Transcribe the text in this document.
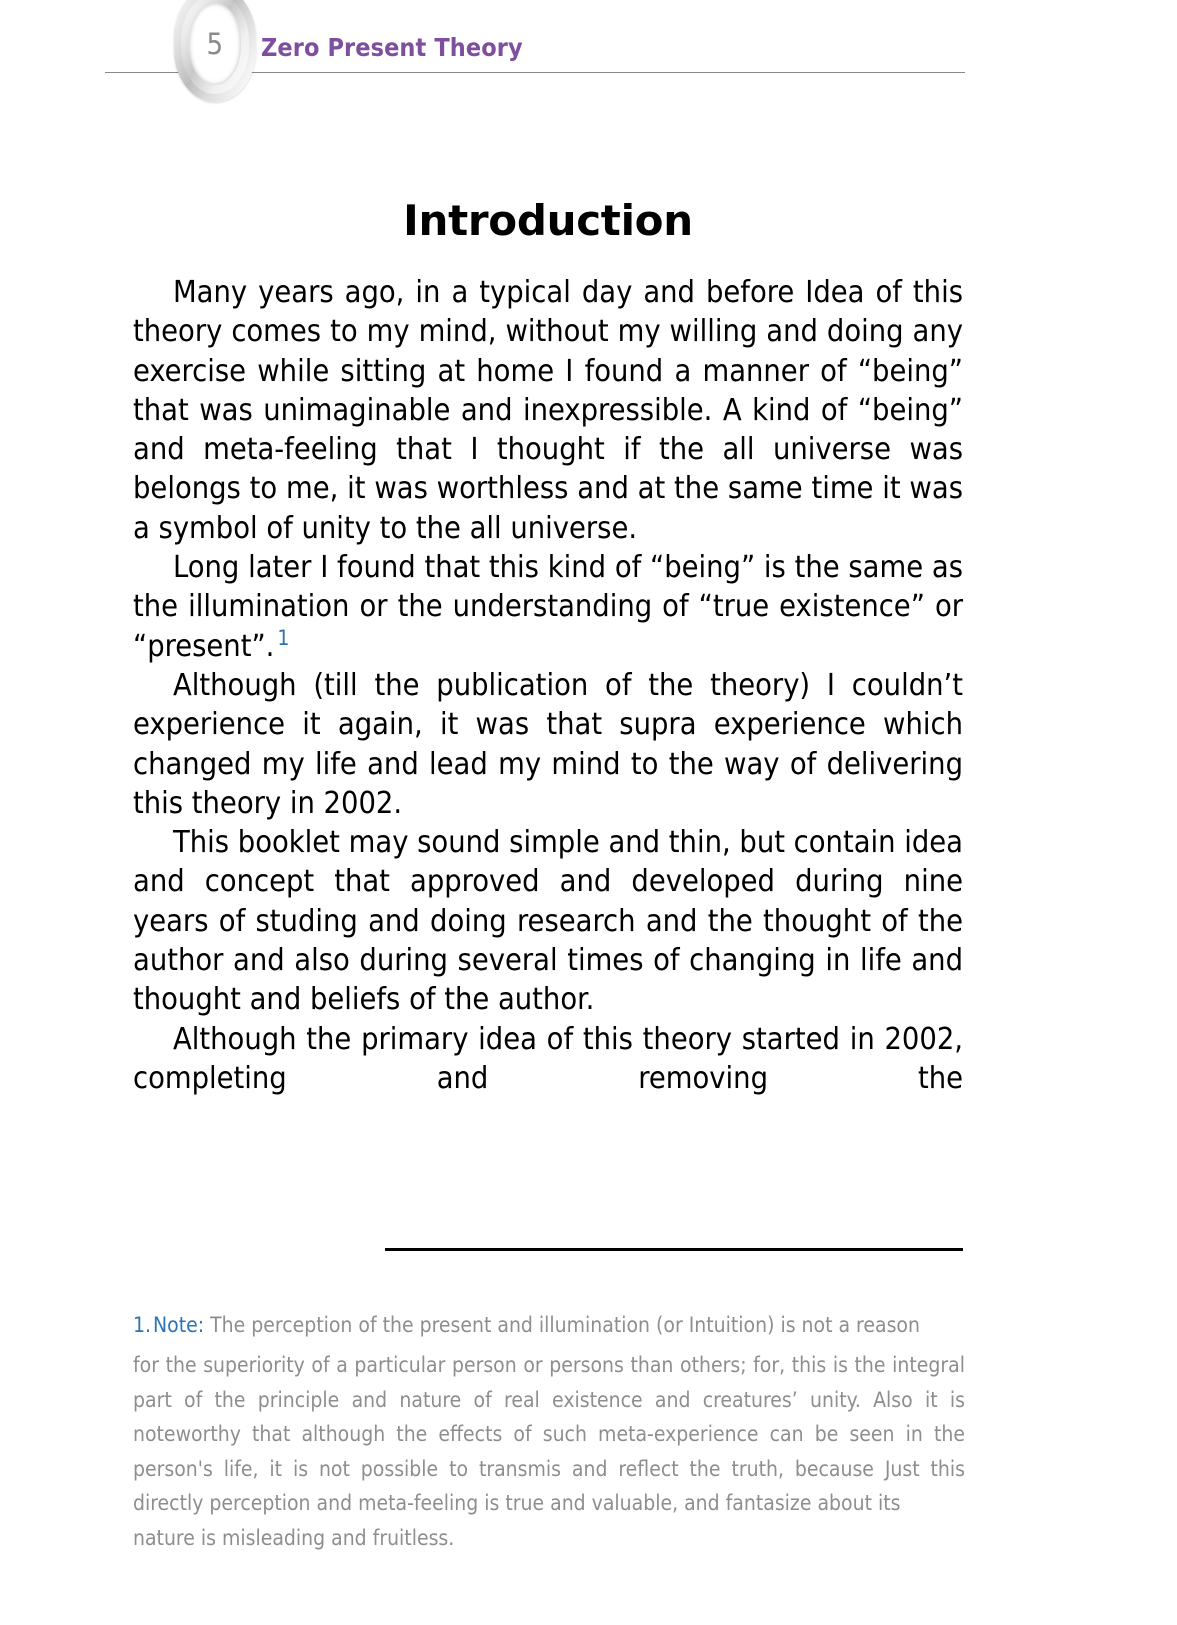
5	Zero Present Theory
Introduction

Many years ago, in a typical day and before Idea of this theory comes to my mind, without my willing and doing any exercise while sitting at home I found a manner of “being” that was unimaginable and inexpressible. A kind of “being” and meta-feeling that I thought if the all universe was belongs to me, it was worthless and at the same time it was a symbol of unity to the all universe.

Long later I found that this kind of “being” is the same as the illumination or the understanding of “true existence” or “present”. $^1$

Although (till the publication of the theory) I couldn’t experience it again, it was that supra experience which changed my life and lead my mind to the way of delivering this theory in 2002.

This booklet may sound simple and thin, but contain idea and concept that approved and developed during nine years of studing and doing research and the thought of the author and also during several times of changing in life and thought and beliefs of the author.

Although the primary idea of this theory started in 2002, completing and removing the

1.Note: The perception of the present and illumination (or Intuition) is not a reason
for the superiority of a particular person or persons than others; for, this is the integral part of the principle and nature of real existence and creatures’ unity. Also it is noteworthy that although the effects of such meta-experience can be seen in the person's life, it is not possible to transmis and reflect the truth, because Just this directly perception and meta-feeling is true and valuable, and fantasize about its
nature is misleading and fruitless.
